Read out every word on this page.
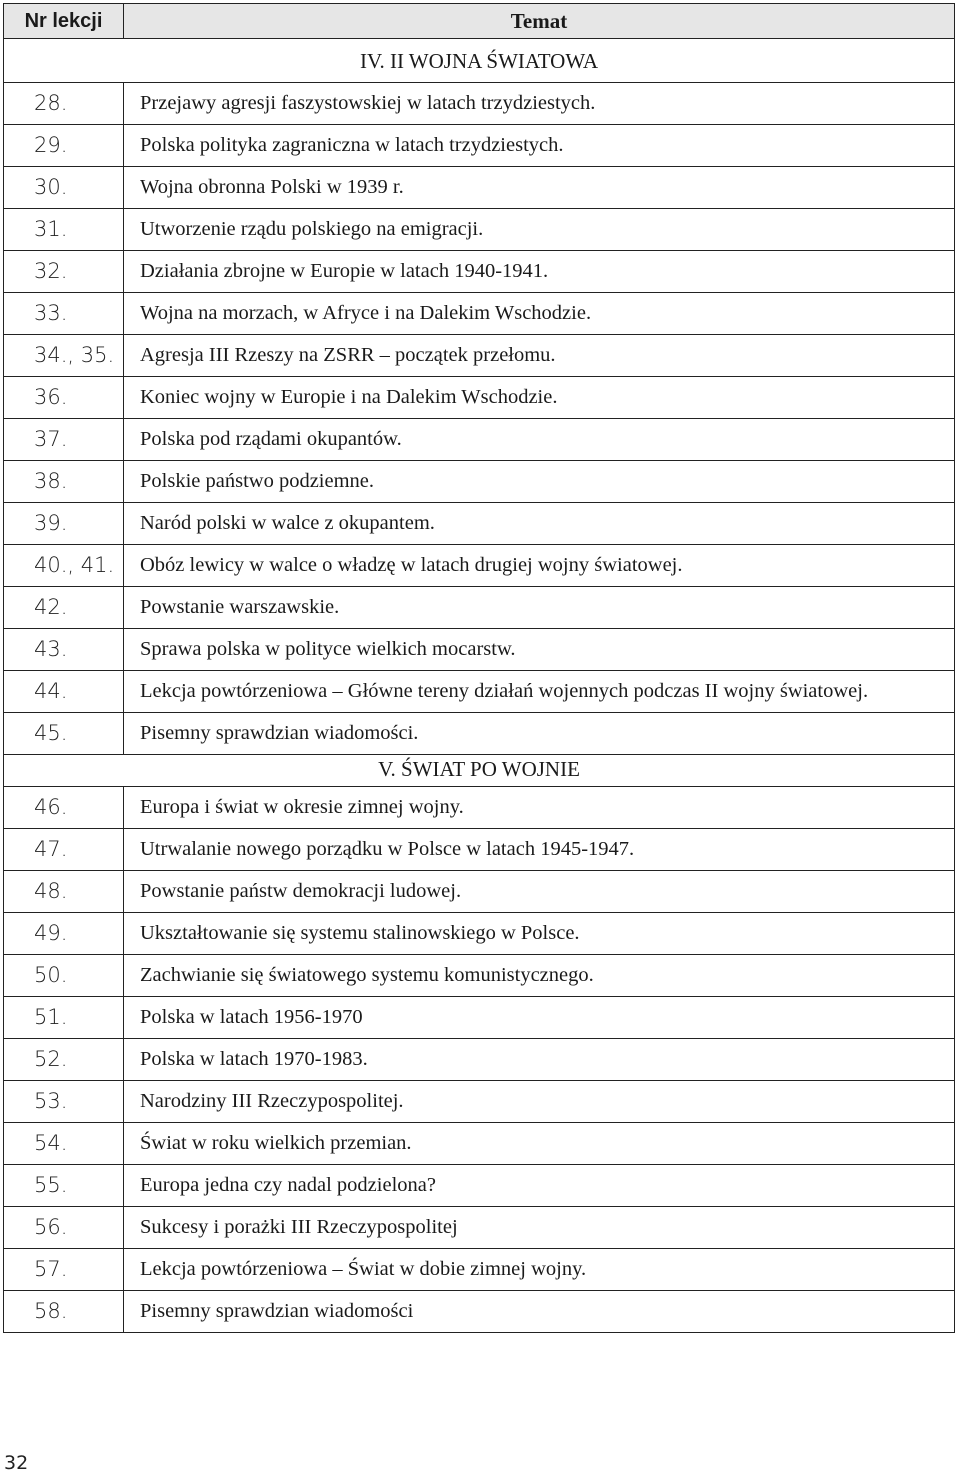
Nr lekcji	Temat
IV. II WOJNA ŚWIATOWA
28.	Przejawy agresji faszystowskiej w latach trzydziestych.
29.	Polska polityka zagraniczna w latach trzydziestych.
30.	Wojna obronna Polski w 1939 r.
31.	Utworzenie rządu polskiego na emigracji.
32.	Działania zbrojne w Europie w latach 1940-1941.
33.	Wojna na morzach, w Afryce i na Dalekim Wschodzie.
34., 35.	Agresja III Rzeszy na ZSRR – początek przełomu.
36.	Koniec wojny w Europie i na Dalekim Wschodzie.
37.	Polska pod rządami okupantów.
38.	Polskie państwo podziemne.
39.	Naród polski w walce z okupantem.
40., 41.	Obóz lewicy w walce o władzę w latach drugiej wojny światowej.
42.	Powstanie warszawskie.
43.	Sprawa polska w polityce wielkich mocarstw.
44.	Lekcja powtórzeniowa – Główne tereny działań wojennych podczas II wojny światowej.
45.	Pisemny sprawdzian wiadomości.
V. ŚWIAT PO WOJNIE
46.	Europa i świat w okresie zimnej wojny.
47.	Utrwalanie nowego porządku w Polsce w latach 1945-1947.
48.	Powstanie państw demokracji ludowej.
49.	Ukształtowanie się systemu stalinowskiego w Polsce.
50.	Zachwianie się światowego systemu komunistycznego.
51.	Polska w latach 1956-1970
52.	Polska w latach 1970-1983.
53.	Narodziny III Rzeczypospolitej.
54.	Świat w roku wielkich przemian.
55.	Europa jedna czy nadal podzielona?
56.	Sukcesy i porażki III Rzeczypospolitej
57.	Lekcja powtórzeniowa – Świat w dobie zimnej wojny.
58.	Pisemny sprawdzian wiadomości
32
